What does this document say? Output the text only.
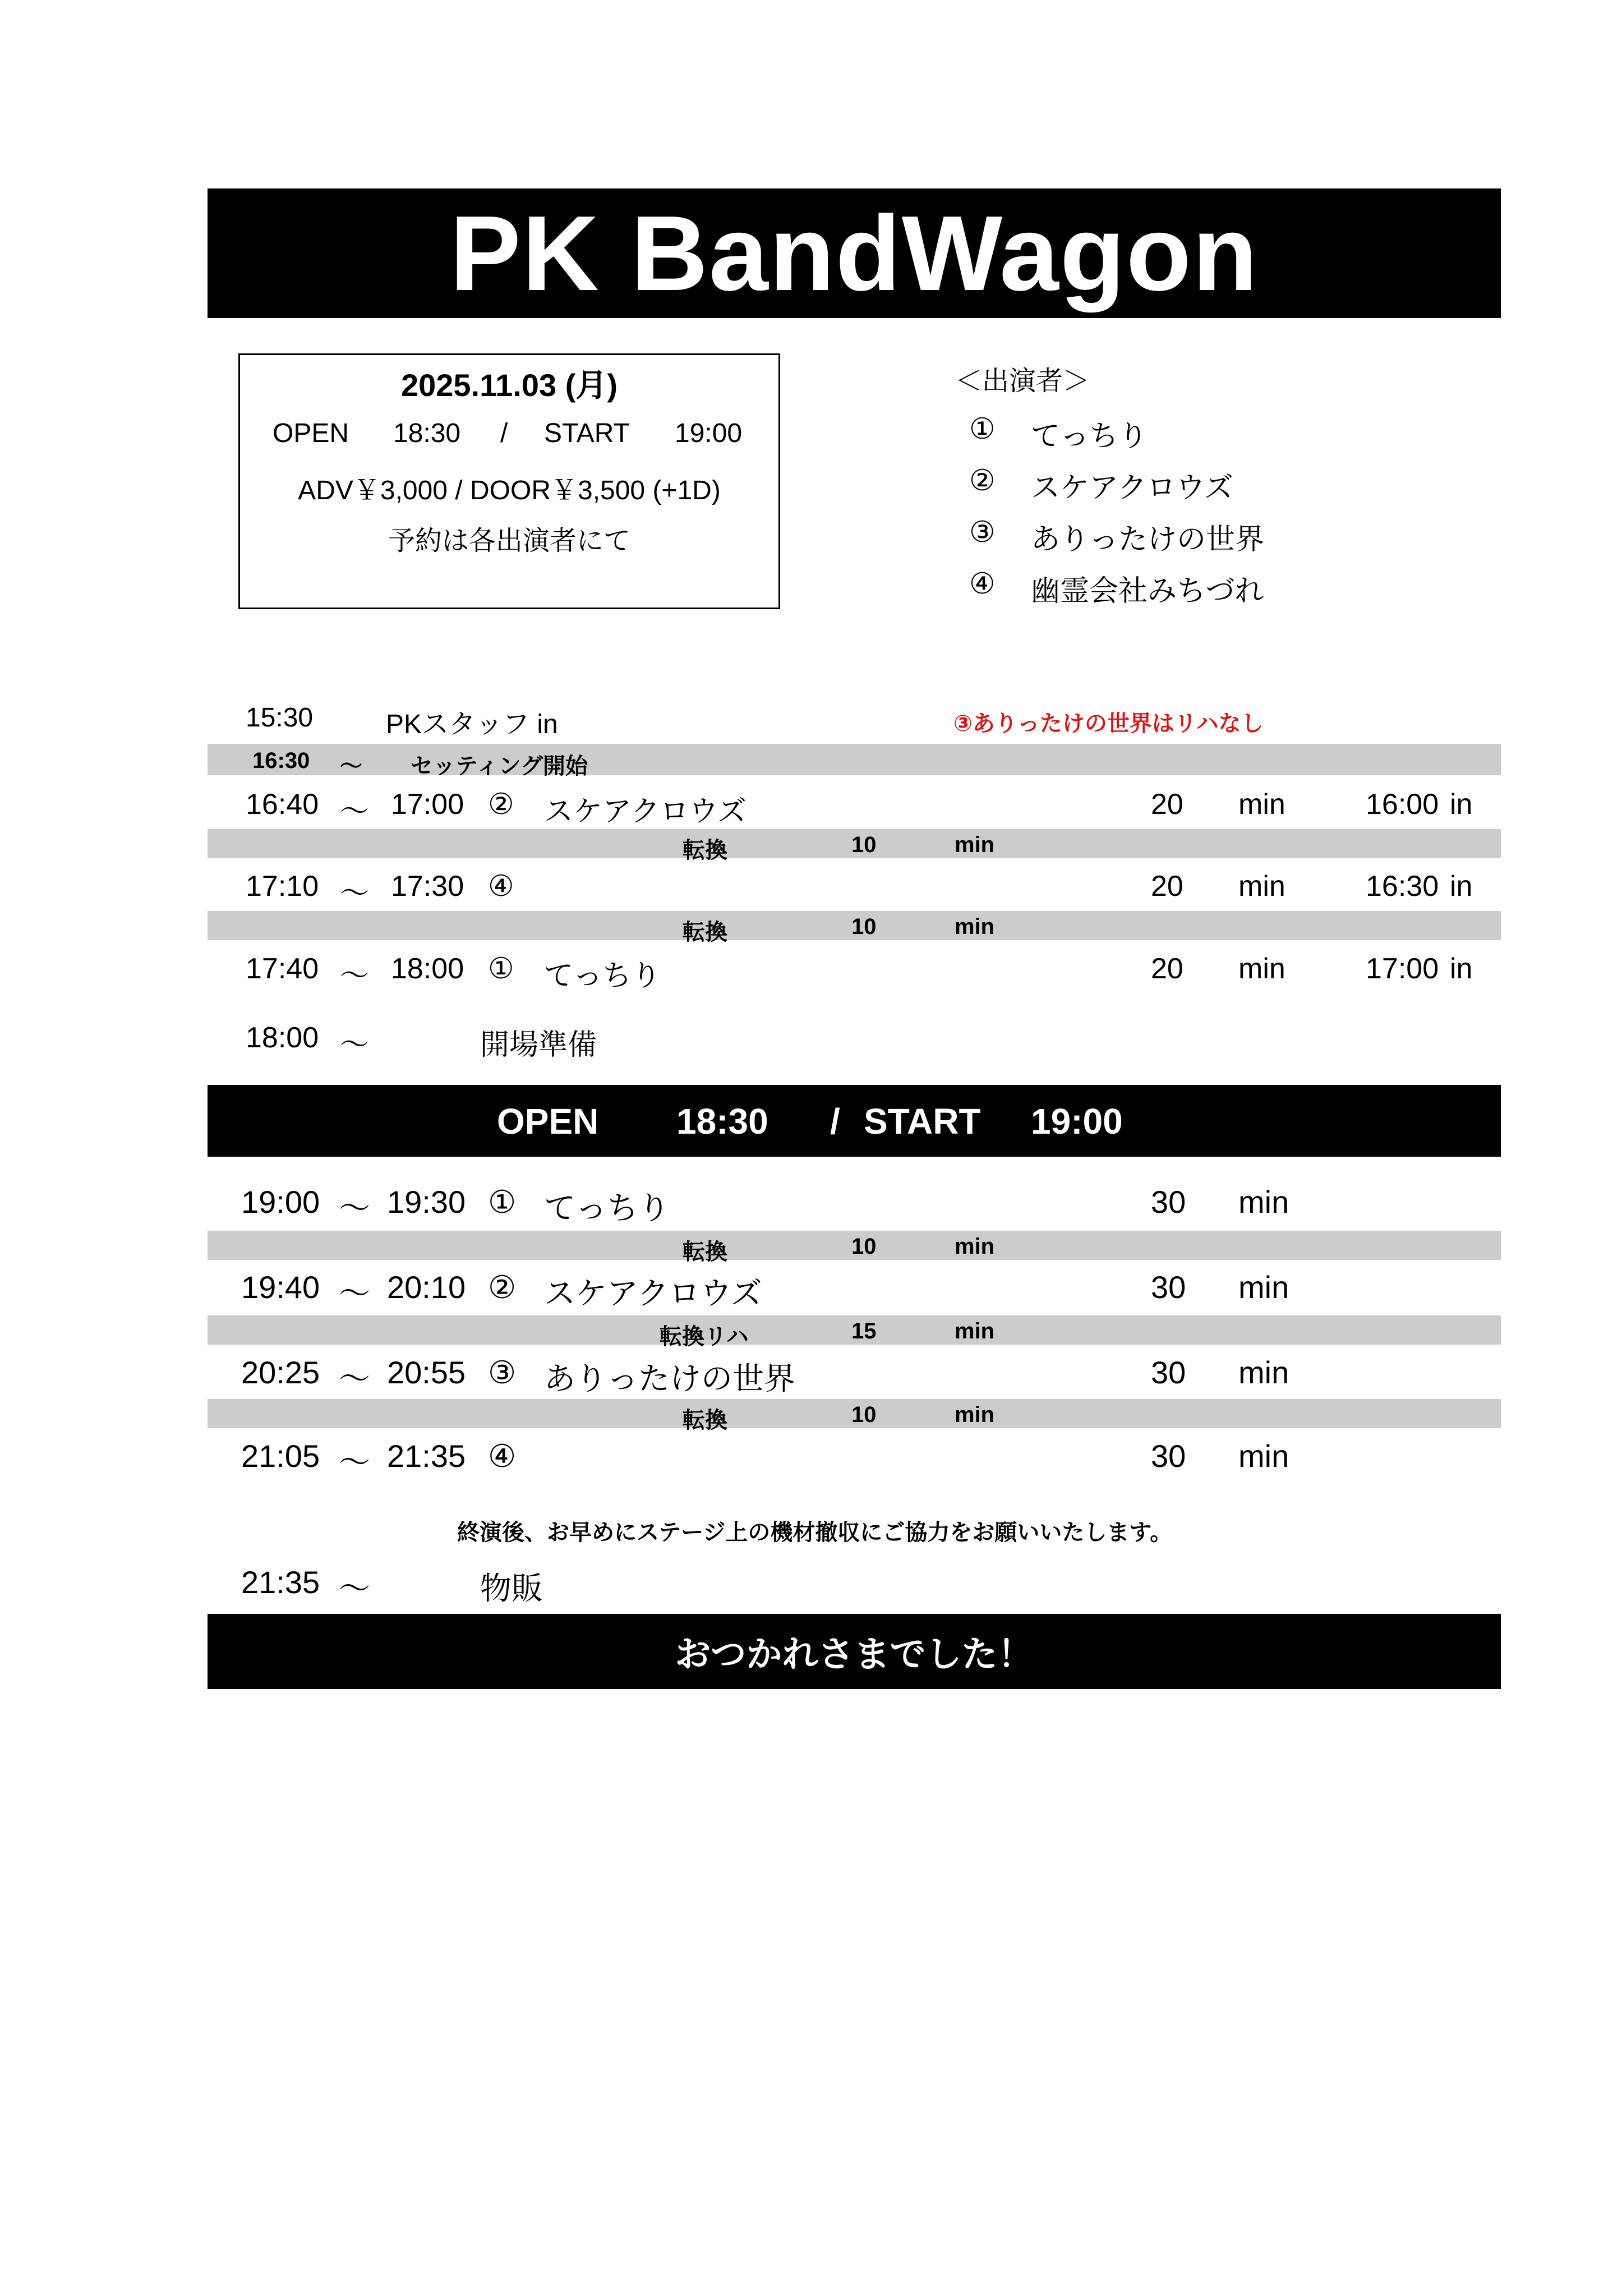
PK BandWagon
2025.11.03 (月)
OPEN 18:30 / START 19:00
ADV￥3,000 / DOOR￥3,500 (+1D)
予約は各出演者にて
＜出演者＞
① てっちり
② スケアクロウズ
③ ありったけの世界
④ 幽霊会社みちづれ
15:30	PKスタッフ in	③ありったけの世界はリハなし
16:30 ～ セッティング開始
16:40 ～ 17:00 ② スケアクロウズ	20 min	16:00 in
転換	10	min
17:10 ～ 17:30 ④	20 min	16:30 in
転換	10	min
17:40 ～ 18:00 ① てっちり	20 min	17:00 in
18:00 ～	開場準備
OPEN 18:30 / START 19:00
19:00 ～ 19:30 ① てっちり	30 min
転換	10	min
19:40 ～ 20:10 ② スケアクロウズ	30 min
転換リハ	15	min
20:25 ～ 20:55 ③ ありったけの世界	30 min
転換	10	min
21:05 ～ 21:35 ④	30 min
終演後、お早めにステージ上の機材撤収にご協力をお願いいたします。
21:35 ～	物販
おつかれさまでした！
